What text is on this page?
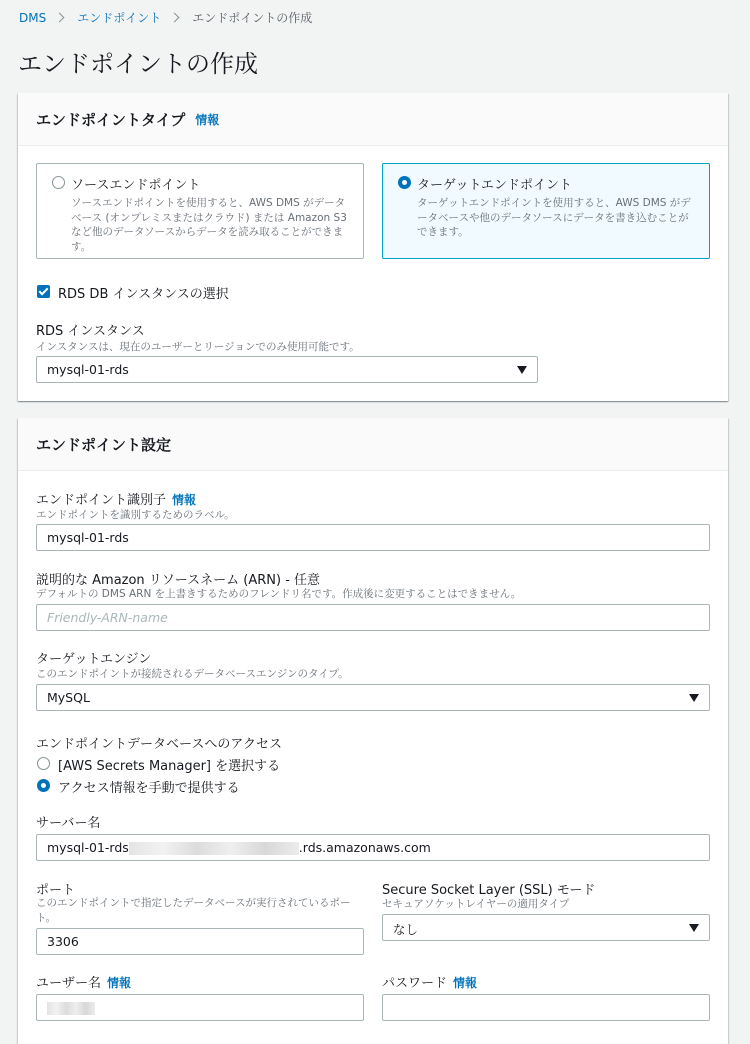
DMS	エンドポイント	エンドポイントの作成
エンドポイントの作成
エンドポイントタイプ 情報
ソースエンドポイント
ソースエンドポイントを使用すると、AWS DMS がデータベース (オンプレミスまたはクラウド) または Amazon S3 など他のデータソースからデータを読み取ることができます。
ターゲットエンドポイント
ターゲットエンドポイントを使用すると、AWS DMS がデータベースや他のデータソースにデータを書き込むことができます。
RDS DB インスタンスの選択
RDS インスタンス
インスタンスは、現在のユーザーとリージョンでのみ使用可能です。
mysql-01-rds
エンドポイント設定
エンドポイント識別子 情報
エンドポイントを識別するためのラベル。
mysql-01-rds
説明的な Amazon リソースネーム (ARN) - 任意
デフォルトの DMS ARN を上書きするためのフレンドリ名です。作成後に変更することはできません。
Friendly-ARN-name
ターゲットエンジン
このエンドポイントが接続されるデータベースエンジンのタイプ。
MySQL
エンドポイントデータベースへのアクセス
[AWS Secrets Manager] を選択する
アクセス情報を手動で提供する
サーバー名
mysql-01-rds	.rds.amazonaws.com
ポート
このエンドポイントで指定したデータベースが実行されているポート。
3306
Secure Socket Layer (SSL) モード
セキュアソケットレイヤーの適用タイプ
なし
ユーザー名 情報	パスワード 情報
